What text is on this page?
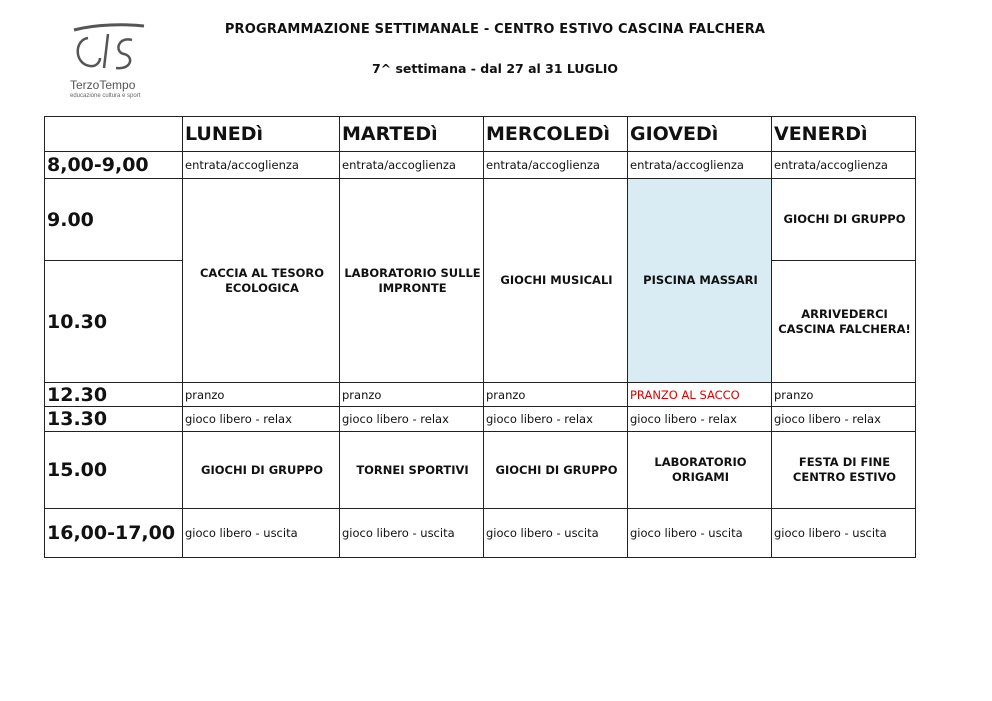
TerzoTempo
educazione cultura e sport
PROGRAMMAZIONE SETTIMANALE - CENTRO ESTIVO CASCINA FALCHERA
7^ settimana - dal 27 al 31 LUGLIO
	LUNEDì	MARTEDì	MERCOLEDì	GIOVEDì	VENERDì
8,00-9,00	entrata/accoglienza	entrata/accoglienza	entrata/accoglienza	entrata/accoglienza	entrata/accoglienza
9.00	CACCIA AL TESORO ECOLOGICA	LABORATORIO SULLE IMPRONTE	GIOCHI MUSICALI	PISCINA MASSARI	GIOCHI DI GRUPPO
10.30					ARRIVEDERCI CASCINA FALCHERA!
12.30	pranzo	pranzo	pranzo	PRANZO AL SACCO	pranzo
13.30	gioco libero - relax	gioco libero - relax	gioco libero - relax	gioco libero - relax	gioco libero - relax
15.00	GIOCHI DI GRUPPO	TORNEI SPORTIVI	GIOCHI DI GRUPPO	LABORATORIO ORIGAMI	FESTA DI FINE CENTRO ESTIVO
16,00-17,00	gioco libero - uscita	gioco libero - uscita	gioco libero - uscita	gioco libero - uscita	gioco libero - uscita
